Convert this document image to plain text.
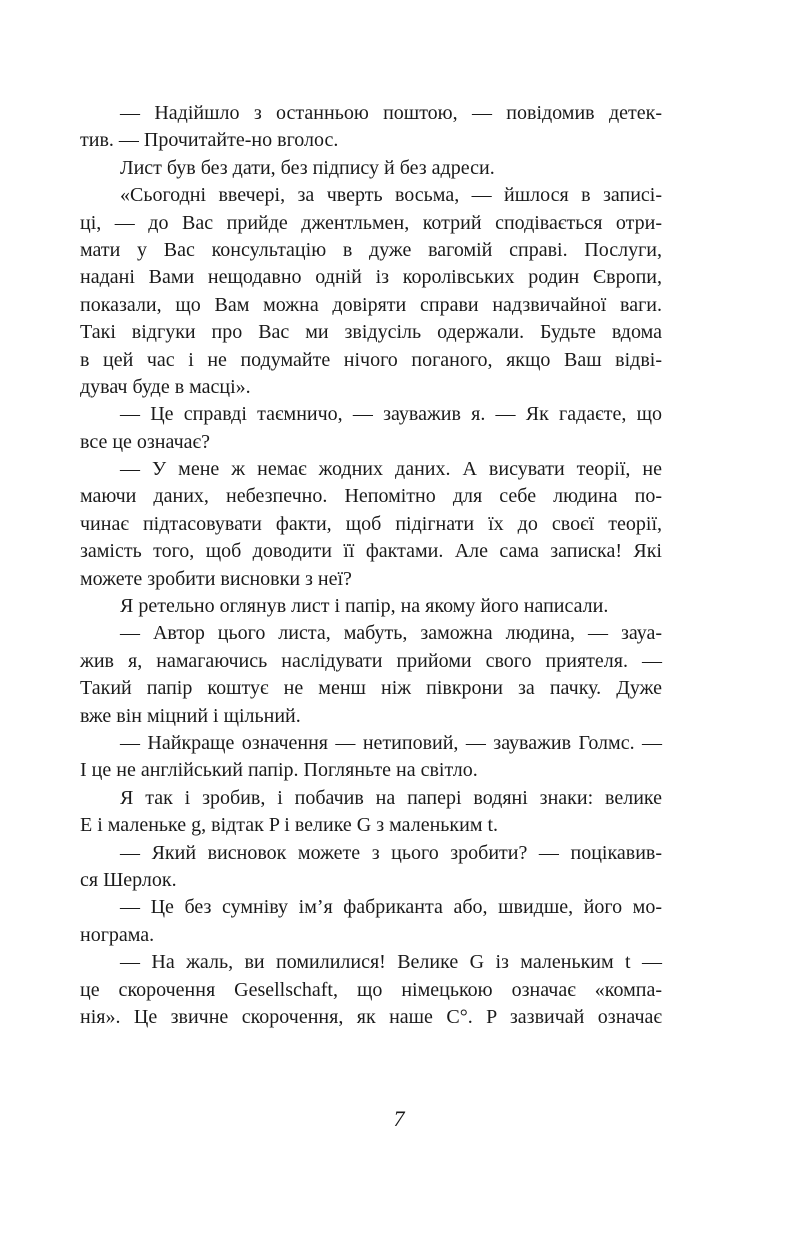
— Надійшло з останньою поштою, — повідомив детек-
тив. — Прочитайте-но вголос.
Лист був без дати, без підпису й без адреси.
«Сьогодні ввечері, за чверть восьма, — йшлося в записі-
ці, — до Вас прийде джентльмен, котрий сподівається отри-
мати у Вас консультацію в дуже вагомій справі. Послуги,
надані Вами нещодавно одній із королівських родин Європи,
показали, що Вам можна довіряти справи надзвичайної ваги.
Такі відгуки про Вас ми звідусіль одержали. Будьте вдома
в цей час і не подумайте нічого поганого, якщо Ваш відві-
дувач буде в масці».
— Це справді таємничо, — зауважив я. — Як гадаєте, що
все це означає?
— У мене ж немає жодних даних. А висувати теорії, не
маючи даних, небезпечно. Непомітно для себе людина по-
чинає підтасовувати факти, щоб підігнати їх до своєї теорії,
замість того, щоб доводити її фактами. Але сама записка! Які
можете зробити висновки з неї?
Я ретельно оглянув лист і папір, на якому його написали.
— Автор цього листа, мабуть, заможна людина, — зауа-
жив я, намагаючись наслідувати прийоми свого приятеля. —
Такий папір коштує не менш ніж півкрони за пачку. Дуже
вже він міцний і щільний.
— Найкраще означення — нетиповий, — зауважив Голмс. —
І це не англійський папір. Погляньте на світло.
Я так і зробив, і побачив на папері водяні знаки: велике
E і маленьке g, відтак P і велике G з маленьким t.
— Який висновок можете з цього зробити? — поцікавив-
ся Шерлок.
— Це без сумніву ім’я фабриканта або, швидше, його мо-
нограма.
— На жаль, ви помилилися! Велике G із маленьким t —
це скорочення Gesellschaft, що німецькою означає «компа-
нія». Це звичне скорочення, як наше C°. P зазвичай означає
7
